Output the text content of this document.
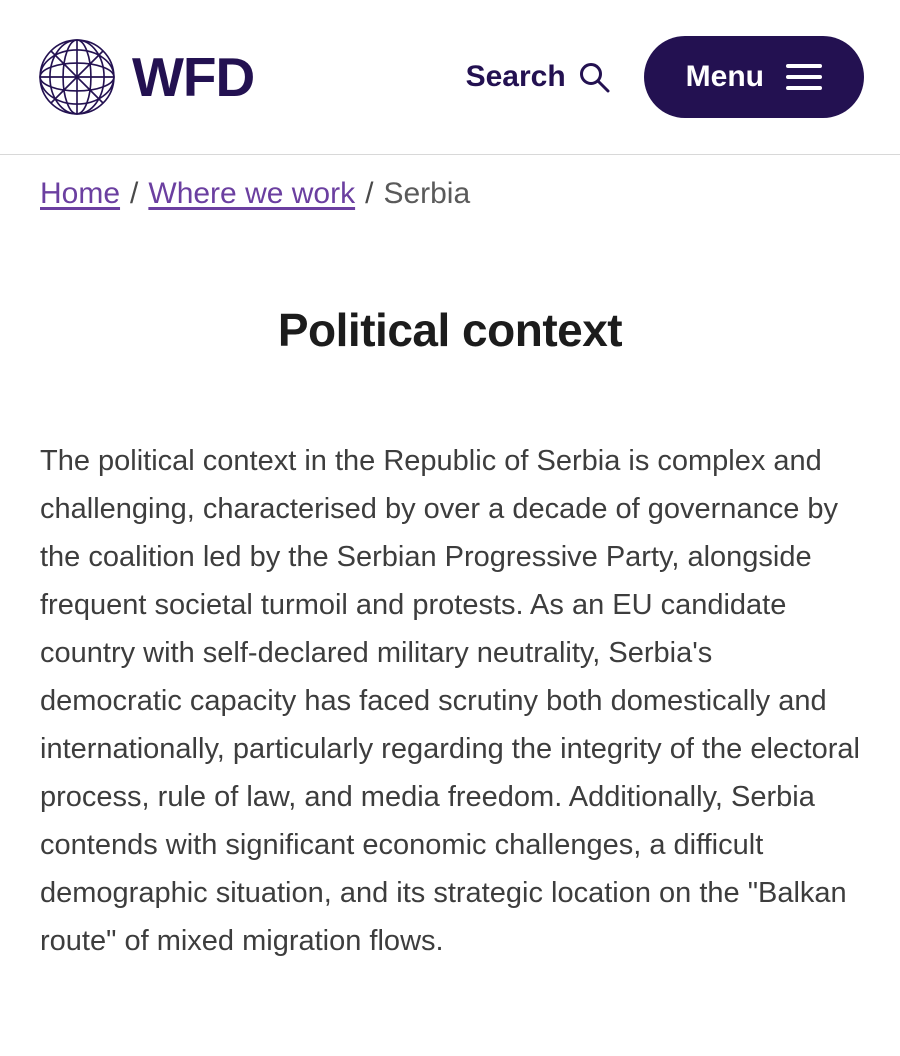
WFD	Search	Menu
Home / Where we work / Serbia
Political context

The political context in the Republic of Serbia is complex and challenging, characterised by over a decade of governance by the coalition led by the Serbian Progressive Party, alongside frequent societal turmoil and protests. As an EU candidate country with self-declared military neutrality, Serbia's democratic capacity has faced scrutiny both domestically and internationally, particularly regarding the integrity of the electoral process, rule of law, and media freedom. Additionally, Serbia contends with significant economic challenges, a difficult demographic situation, and its strategic location on the "Balkan route" of mixed migration flows.
